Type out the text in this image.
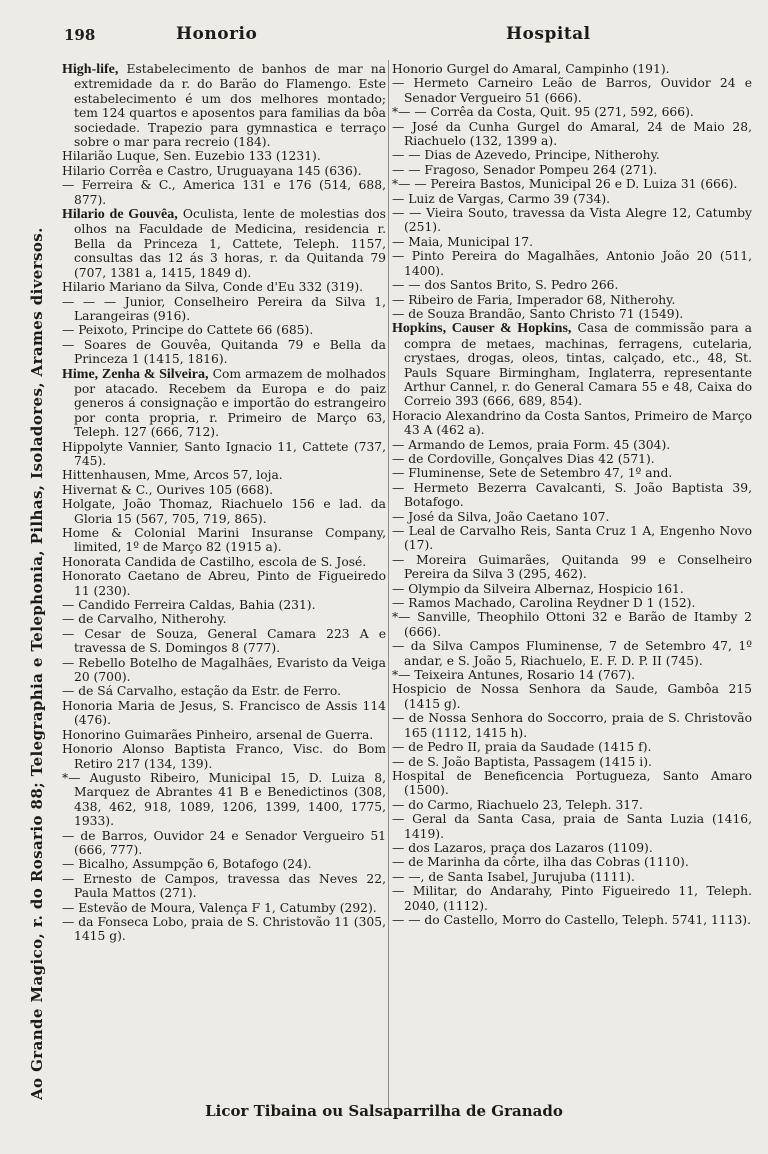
198	Honorio	Hospital
Ao Grande Magico, r. do Rosario 88; Telegraphia e Telephonia, Pilhas, Isoladores, Arames diversos.

High-life, Estabelecimento de banhos de mar na extremidade da r. do Barão do Flamengo. Este estabelecimento é um dos melhores montado; tem 124 quartos e aposentos para familias da bôa sociedade. Trapezio para gymnastica e terraço sobre o mar para recreio (184).

Hilarião Luque, Sen. Euzebio 133 (1231).

Hilario Corrêa e Castro, Uruguayana 145 (636).

— Ferreira & C., America 131 e 176 (514, 688, 877).

Hilario de Gouvêa, Oculista, lente de molestias dos olhos na Faculdade de Medicina, residencia r. Bella da Princeza 1, Cattete, Teleph. 1157, consultas das 12 ás 3 horas, r. da Quitanda 79 (707, 1381 a, 1415, 1849 d).

Hilario Mariano da Silva, Conde d'Eu 332 (319).

— — — Junior, Conselheiro Pereira da Silva 1, Larangeiras (916).

— Peixoto, Principe do Cattete 66 (685).

— Soares de Gouvêa, Quitanda 79 e Bella da Princeza 1 (1415, 1816).

Hime, Zenha & Silveira, Com armazem de molhados por atacado. Recebem da Europa e do paiz generos á consignação e importão do estrangeiro por conta propria, r. Primeiro de Março 63, Teleph. 127 (666, 712).

Hippolyte Vannier, Santo Ignacio 11, Cattete (737, 745).

Hittenhausen, Mme, Arcos 57, loja.

Hivernat & C., Ourives 105 (668).

Holgate, João Thomaz, Riachuelo 156 e lad. da Gloria 15 (567, 705, 719, 865).

Home & Colonial Marini Insuranse Company, limited, 1º de Março 82 (1915 a).

Honorata Candida de Castilho, escola de S. José.

Honorato Caetano de Abreu, Pinto de Figueiredo 11 (230).

— Candido Ferreira Caldas, Bahia (231).

— de Carvalho, Nitherohy.

— Cesar de Souza, General Camara 223 A e travessa de S. Domingos 8 (777).

— Rebello Botelho de Magalhães, Evaristo da Veiga 20 (700).

— de Sá Carvalho, estação da Estr. de Ferro.

Honoria Maria de Jesus, S. Francisco de Assis 114 (476).

Honorino Guimarães Pinheiro, arsenal de Guerra.

Honorio Alonso Baptista Franco, Visc. do Bom Retiro 217 (134, 139).

*— Augusto Ribeiro, Municipal 15, D. Luiza 8, Marquez de Abrantes 41 B e Benedictinos (308, 438, 462, 918, 1089, 1206, 1399, 1400, 1775, 1933).

— de Barros, Ouvidor 24 e Senador Vergueiro 51 (666, 777).

— Bicalho, Assumpção 6, Botafogo (24).

— Ernesto de Campos, travessa das Neves 22, Paula Mattos (271).

— Estevão de Moura, Valença F 1, Catumby (292).

— da Fonseca Lobo, praia de S. Christovão 11 (305, 1415 g).

Honorio Gurgel do Amaral, Campinho (191).

— Hermeto Carneiro Leão de Barros, Ouvidor 24 e Senador Vergueiro 51 (666).

*— — Corrêa da Costa, Quit. 95 (271, 592, 666).

— José da Cunha Gurgel do Amaral, 24 de Maio 28, Riachuelo (132, 1399 a).

— — Dias de Azevedo, Principe, Nitherohy.

— — Fragoso, Senador Pompeu 264 (271).

*— — Pereira Bastos, Municipal 26 e D. Luiza 31 (666).

— Luiz de Vargas, Carmo 39 (734).

— — Vieira Souto, travessa da Vista Alegre 12, Catumby (251).

— Maia, Municipal 17.

— Pinto Pereira do Magalhães, Antonio João 20 (511, 1400).

— — dos Santos Brito, S. Pedro 266.

— Ribeiro de Faria, Imperador 68, Nitherohy.

— de Souza Brandão, Santo Christo 71 (1549).

Hopkins, Causer & Hopkins, Casa de commissão para a compra de metaes, machinas, ferragens, cutelaria, crystaes, drogas, oleos, tintas, calçado, etc., 48, St. Pauls Square Birmingham, Inglaterra, representante Arthur Cannel, r. do General Camara 55 e 48, Caixa do Correio 393 (666, 689, 854).

Horacio Alexandrino da Costa Santos, Primeiro de Março 43 A (462 a).

— Armando de Lemos, praia Form. 45 (304).

— de Cordoville, Gonçalves Dias 42 (571).

— Fluminense, Sete de Setembro 47, 1º and.

— Hermeto Bezerra Cavalcanti, S. João Baptista 39, Botafogo.

— José da Silva, João Caetano 107.

— Leal de Carvalho Reis, Santa Cruz 1 A, Engenho Novo (17).

— Moreira Guimarães, Quitanda 99 e Conselheiro Pereira da Silva 3 (295, 462).

— Olympio da Silveira Albernaz, Hospicio 161.

— Ramos Machado, Carolina Reydner D 1 (152).

*— Sanville, Theophilo Ottoni 32 e Barão de Itamby 2 (666).

— da Silva Campos Fluminense, 7 de Setembro 47, 1º andar, e S. João 5, Riachuelo, E. F. D. P. II (745).

*— Teixeira Antunes, Rosario 14 (767).

Hospicio de Nossa Senhora da Saude, Gambôa 215 (1415 g).

— de Nossa Senhora do Soccorro, praia de S. Christovão 165 (1112, 1415 h).

— de Pedro II, praia da Saudade (1415 f).

— de S. João Baptista, Passagem (1415 i).

Hospital de Beneficencia Portugueza, Santo Amaro (1500).

— do Carmo, Riachuelo 23, Teleph. 317.

— Geral da Santa Casa, praia de Santa Luzia (1416, 1419).

— dos Lazaros, praça dos Lazaros (1109).

— de Marinha da côrte, ilha das Cobras (1110).

— —, de Santa Isabel, Jurujuba (1111).

— Militar, do Andarahy, Pinto Figueiredo 11, Teleph. 2040, (1112).

— — do Castello, Morro do Castello, Teleph. 5741, 1113).

Licor Tibaina ou Salsaparrilha de Granado
